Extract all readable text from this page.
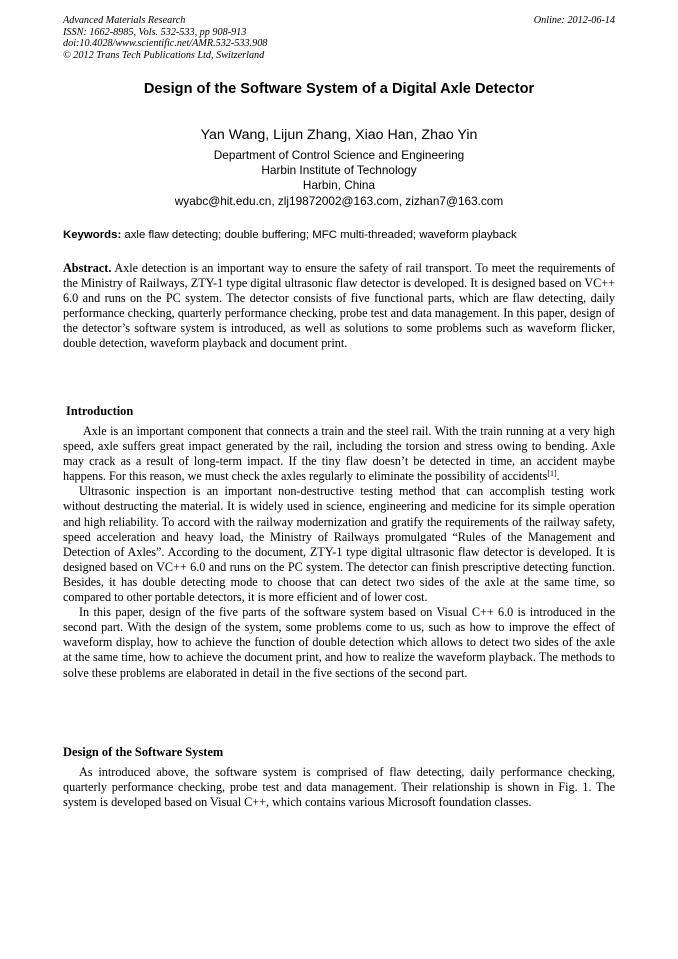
Advanced Materials Research
ISSN: 1662-8985, Vols. 532-533, pp 908-913
doi:10.4028/www.scientific.net/AMR.532-533.908
© 2012 Trans Tech Publications Ltd, Switzerland
Online: 2012-06-14
Design of the Software System of a Digital Axle Detector
Yan Wang, Lijun Zhang, Xiao Han, Zhao Yin
Department of Control Science and Engineering
Harbin Institute of Technology
Harbin, China
wyabc@hit.edu.cn, zlj19872002@163.com, zizhan7@163.com
Keywords: axle flaw detecting; double buffering; MFC multi-threaded; waveform playback
Abstract. Axle detection is an important way to ensure the safety of rail transport. To meet the requirements of the Ministry of Railways, ZTY-1 type digital ultrasonic flaw detector is developed. It is designed based on VC++ 6.0 and runs on the PC system. The detector consists of five functional parts, which are flaw detecting, daily performance checking, quarterly performance checking, probe test and data management. In this paper, design of the detector’s software system is introduced, as well as solutions to some problems such as waveform flicker, double detection, waveform playback and document print.
Introduction

Axle is an important component that connects a train and the steel rail. With the train running at a very high speed, axle suffers great impact generated by the rail, including the torsion and stress owing to bending. Axle may crack as a result of long-term impact. If the tiny flaw doesn’t be detected in time, an accident maybe happens. For this reason, we must check the axles regularly to eliminate the possibility of accidents[1].

Ultrasonic inspection is an important non-destructive testing method that can accomplish testing work without destructing the material. It is widely used in science, engineering and medicine for its simple operation and high reliability. To accord with the railway modernization and gratify the requirements of the railway safety, speed acceleration and heavy load, the Ministry of Railways promulgated “Rules of the Management and Detection of Axles”. According to the document, ZTY-1 type digital ultrasonic flaw detector is developed. It is designed based on VC++ 6.0 and runs on the PC system. The detector can finish prescriptive detecting function. Besides, it has double detecting mode to choose that can detect two sides of the axle at the same time, so compared to other portable detectors, it is more efficient and of lower cost.

In this paper, design of the five parts of the software system based on Visual C++ 6.0 is introduced in the second part. With the design of the system, some problems come to us, such as how to improve the effect of waveform display, how to achieve the function of double detection which allows to detect two sides of the axle at the same time, how to achieve the document print, and how to realize the waveform playback. The methods to solve these problems are elaborated in detail in the five sections of the second part.

Design of the Software System

As introduced above, the software system is comprised of flaw detecting, daily performance checking, quarterly performance checking, probe test and data management. Their relationship is shown in Fig. 1. The system is developed based on Visual C++, which contains various Microsoft foundation classes.
